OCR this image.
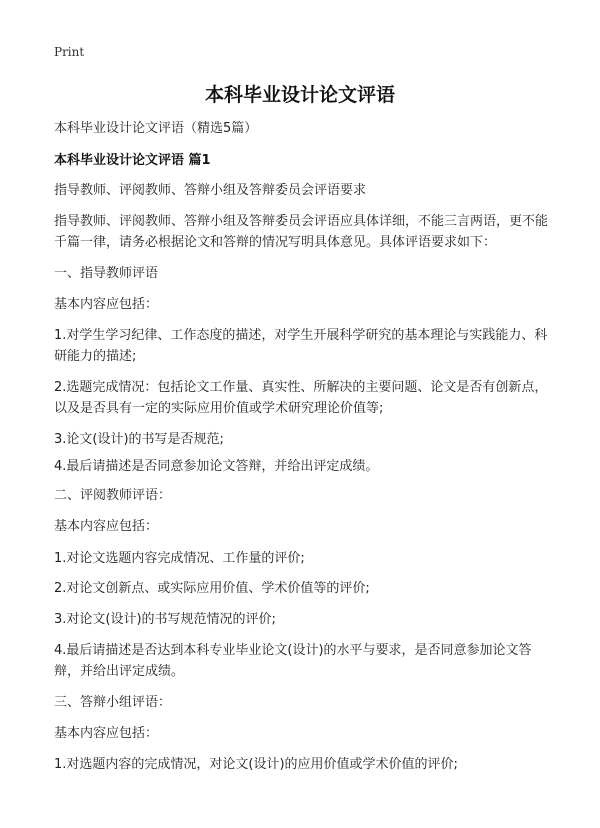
Print
本科毕业设计论文评语

本科毕业设计论文评语（精选5篇）

本科毕业设计论文评语 篇1

指导教师、评阅教师、答辩小组及答辩委员会评语要求

指导教师、评阅教师、答辩小组及答辩委员会评语应具体详细，不能三言两语，更不能千篇一律，请务必根据论文和答辩的情况写明具体意见。具体评语要求如下：

一、指导教师评语

基本内容应包括：

1.对学生学习纪律、工作态度的描述，对学生开展科学研究的基本理论与实践能力、科研能力的描述;

2.选题完成情况：包括论文工作量、真实性、所解决的主要问题、论文是否有创新点，以及是否具有一定的实际应用价值或学术研究理论价值等;

3.论文(设计)的书写是否规范;

4.最后请描述是否同意参加论文答辩，并给出评定成绩。

二、评阅教师评语：

基本内容应包括：

1.对论文选题内容完成情况、工作量的评价;

2.对论文创新点、或实际应用价值、学术价值等的评价;

3.对论文(设计)的书写规范情况的评价;

4.最后请描述是否达到本科专业毕业论文(设计)的水平与要求，是否同意参加论文答辩，并给出评定成绩。

三、答辩小组评语：

基本内容应包括：

1.对选题内容的完成情况，对论文(设计)的应用价值或学术价值的评价;
